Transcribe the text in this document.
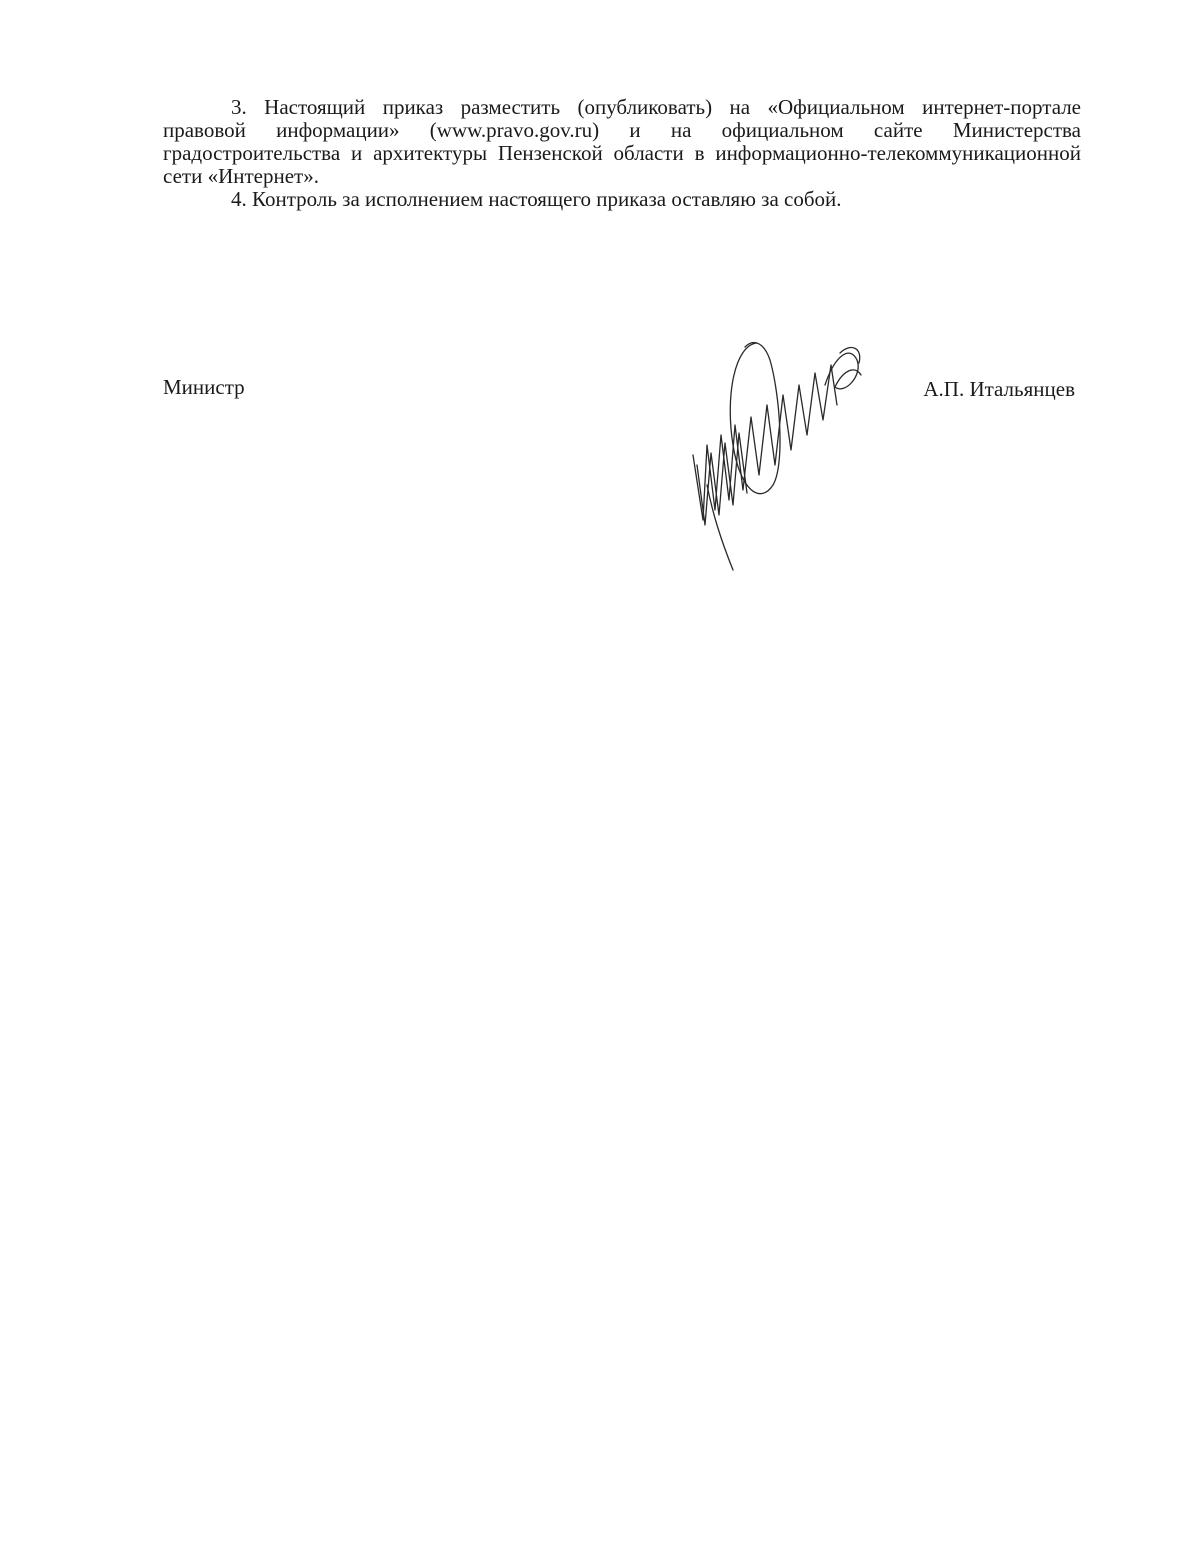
3. Настоящий приказ разместить (опубликовать) на «Официальном интернет-портале правовой информации» (www.pravo.gov.ru) и на официальном сайте Министерства градостроительства и архитектуры Пензенской области в информационно-телекоммуникационной сети «Интернет».

4. Контроль за исполнением настоящего приказа оставляю за собой.

Министр	А.П. Итальянцев
